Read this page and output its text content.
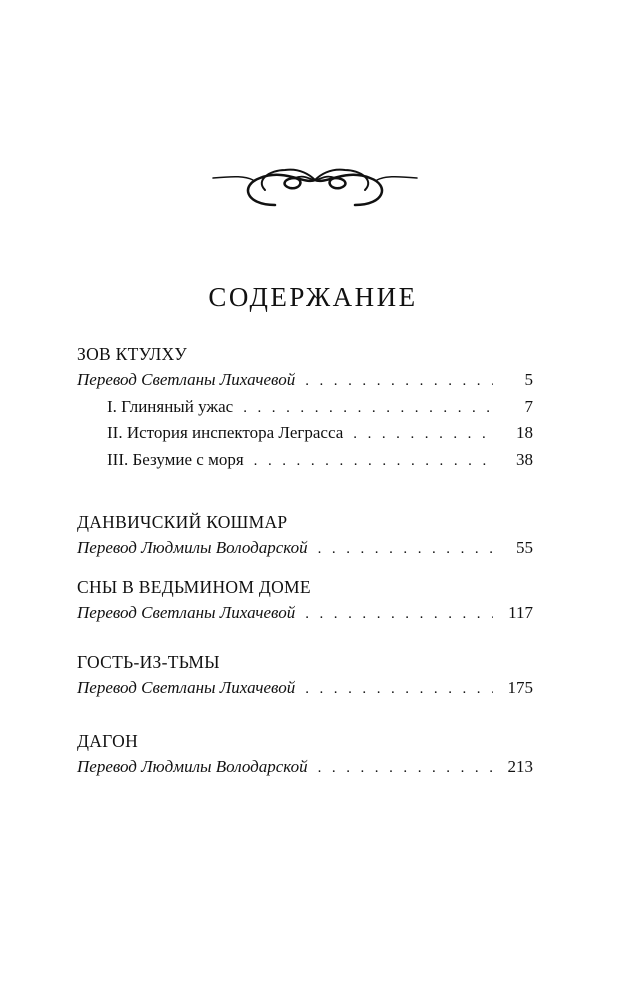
СОДЕРЖАНИЕ
ЗОВ КТУЛХУ
Перевод Светланы Лихачевой . . .	5
I. Глиняный ужас . . .	7
II. История инспектора Леграсса . . .	18
III. Безумие с моря . . .	38
ДАНВИЧСКИЙ КОШМАР
Перевод Людмилы Володарской . . .	55
СНЫ В ВЕДЬМИНОМ ДОМЕ
Перевод Светланы Лихачевой . . .	117
ГОСТЬ-ИЗ-ТЬМЫ
Перевод Светланы Лихачевой . . .	175
ДАГОН
Перевод Людмилы Володарской . . .	213
